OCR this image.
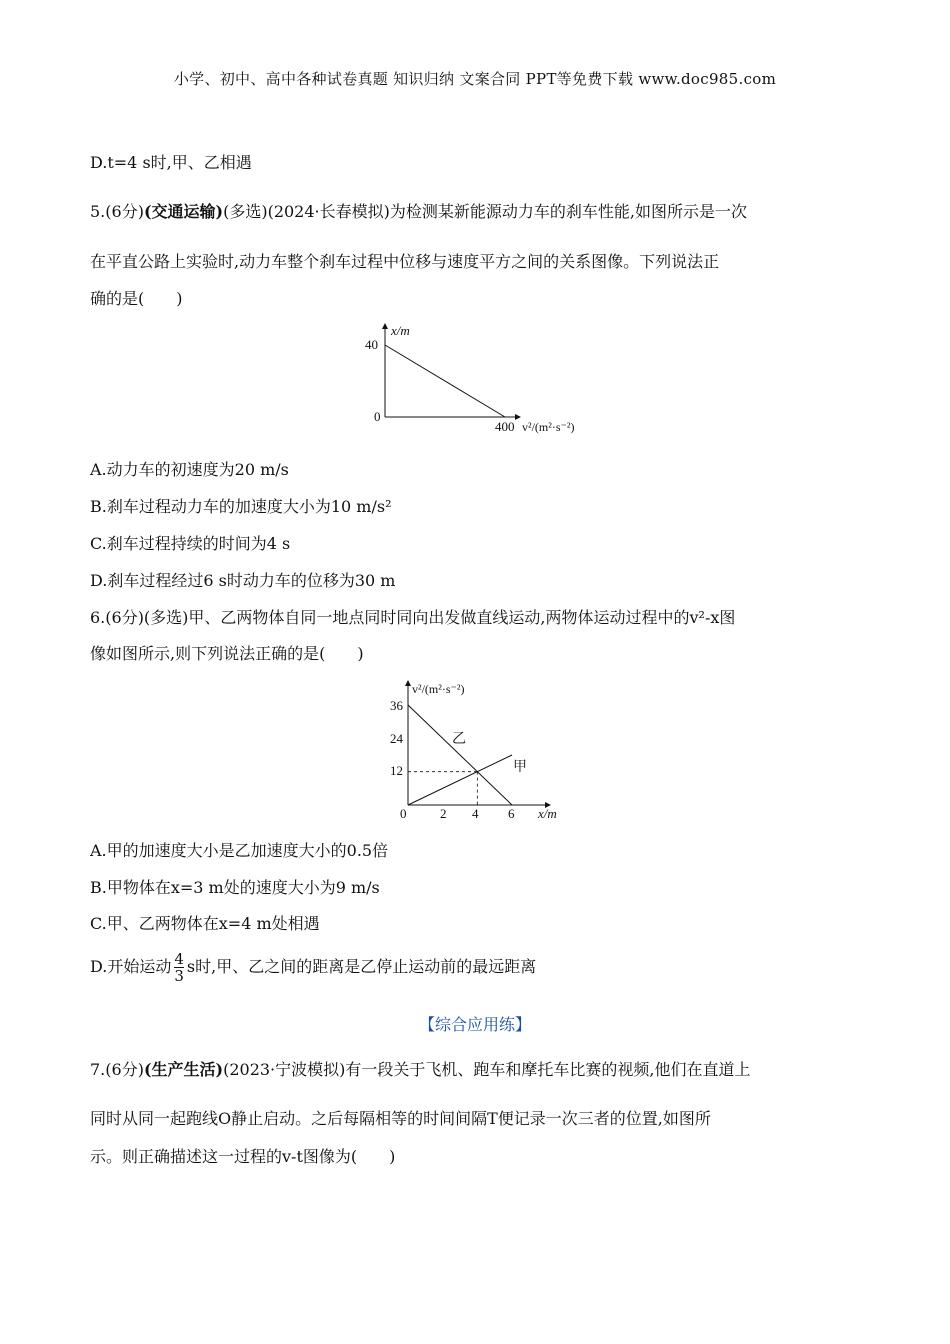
小学、初中、高中各种试卷真题 知识归纳 文案合同 PPT等免费下载 www.doc985.com
D.t=4 s时,甲、乙相遇
5.(6分)(交通运输)(多选)(2024·长春模拟)为检测某新能源动力车的刹车性能,如图所示是一次
在平直公路上实验时,动力车整个刹车过程中位移与速度平方之间的关系图像。下列说法正
确的是(　　)
x/m
40
0
400 v²/(m²·s⁻²)
A.动力车的初速度为20 m/s
B.刹车过程动力车的加速度大小为10 m/s²
C.刹车过程持续的时间为4 s
D.刹车过程经过6 s时动力车的位移为30 m
6.(6分)(多选)甲、乙两物体自同一地点同时同向出发做直线运动,两物体运动过程中的v²-x图
像如图所示,则下列说法正确的是(　　)
v²/(m²·s⁻²)
36
24
12
0	2 4 6 x/m
乙
甲
A.甲的加速度大小是乙加速度大小的0.5倍
B.甲物体在x=3 m处的速度大小为9 m/s
C.甲、乙两物体在x=4 m处相遇
D.开始运动 $\frac{4}{3}$ s时,甲、乙之间的距离是乙停止运动前的最远距离
【综合应用练】
7.(6分)(生产生活)(2023·宁波模拟)有一段关于飞机、跑车和摩托车比赛的视频,他们在直道上
同时从同一起跑线O静止启动。之后每隔相等的时间间隔T便记录一次三者的位置,如图所
示。则正确描述这一过程的v-t图像为(　　)
